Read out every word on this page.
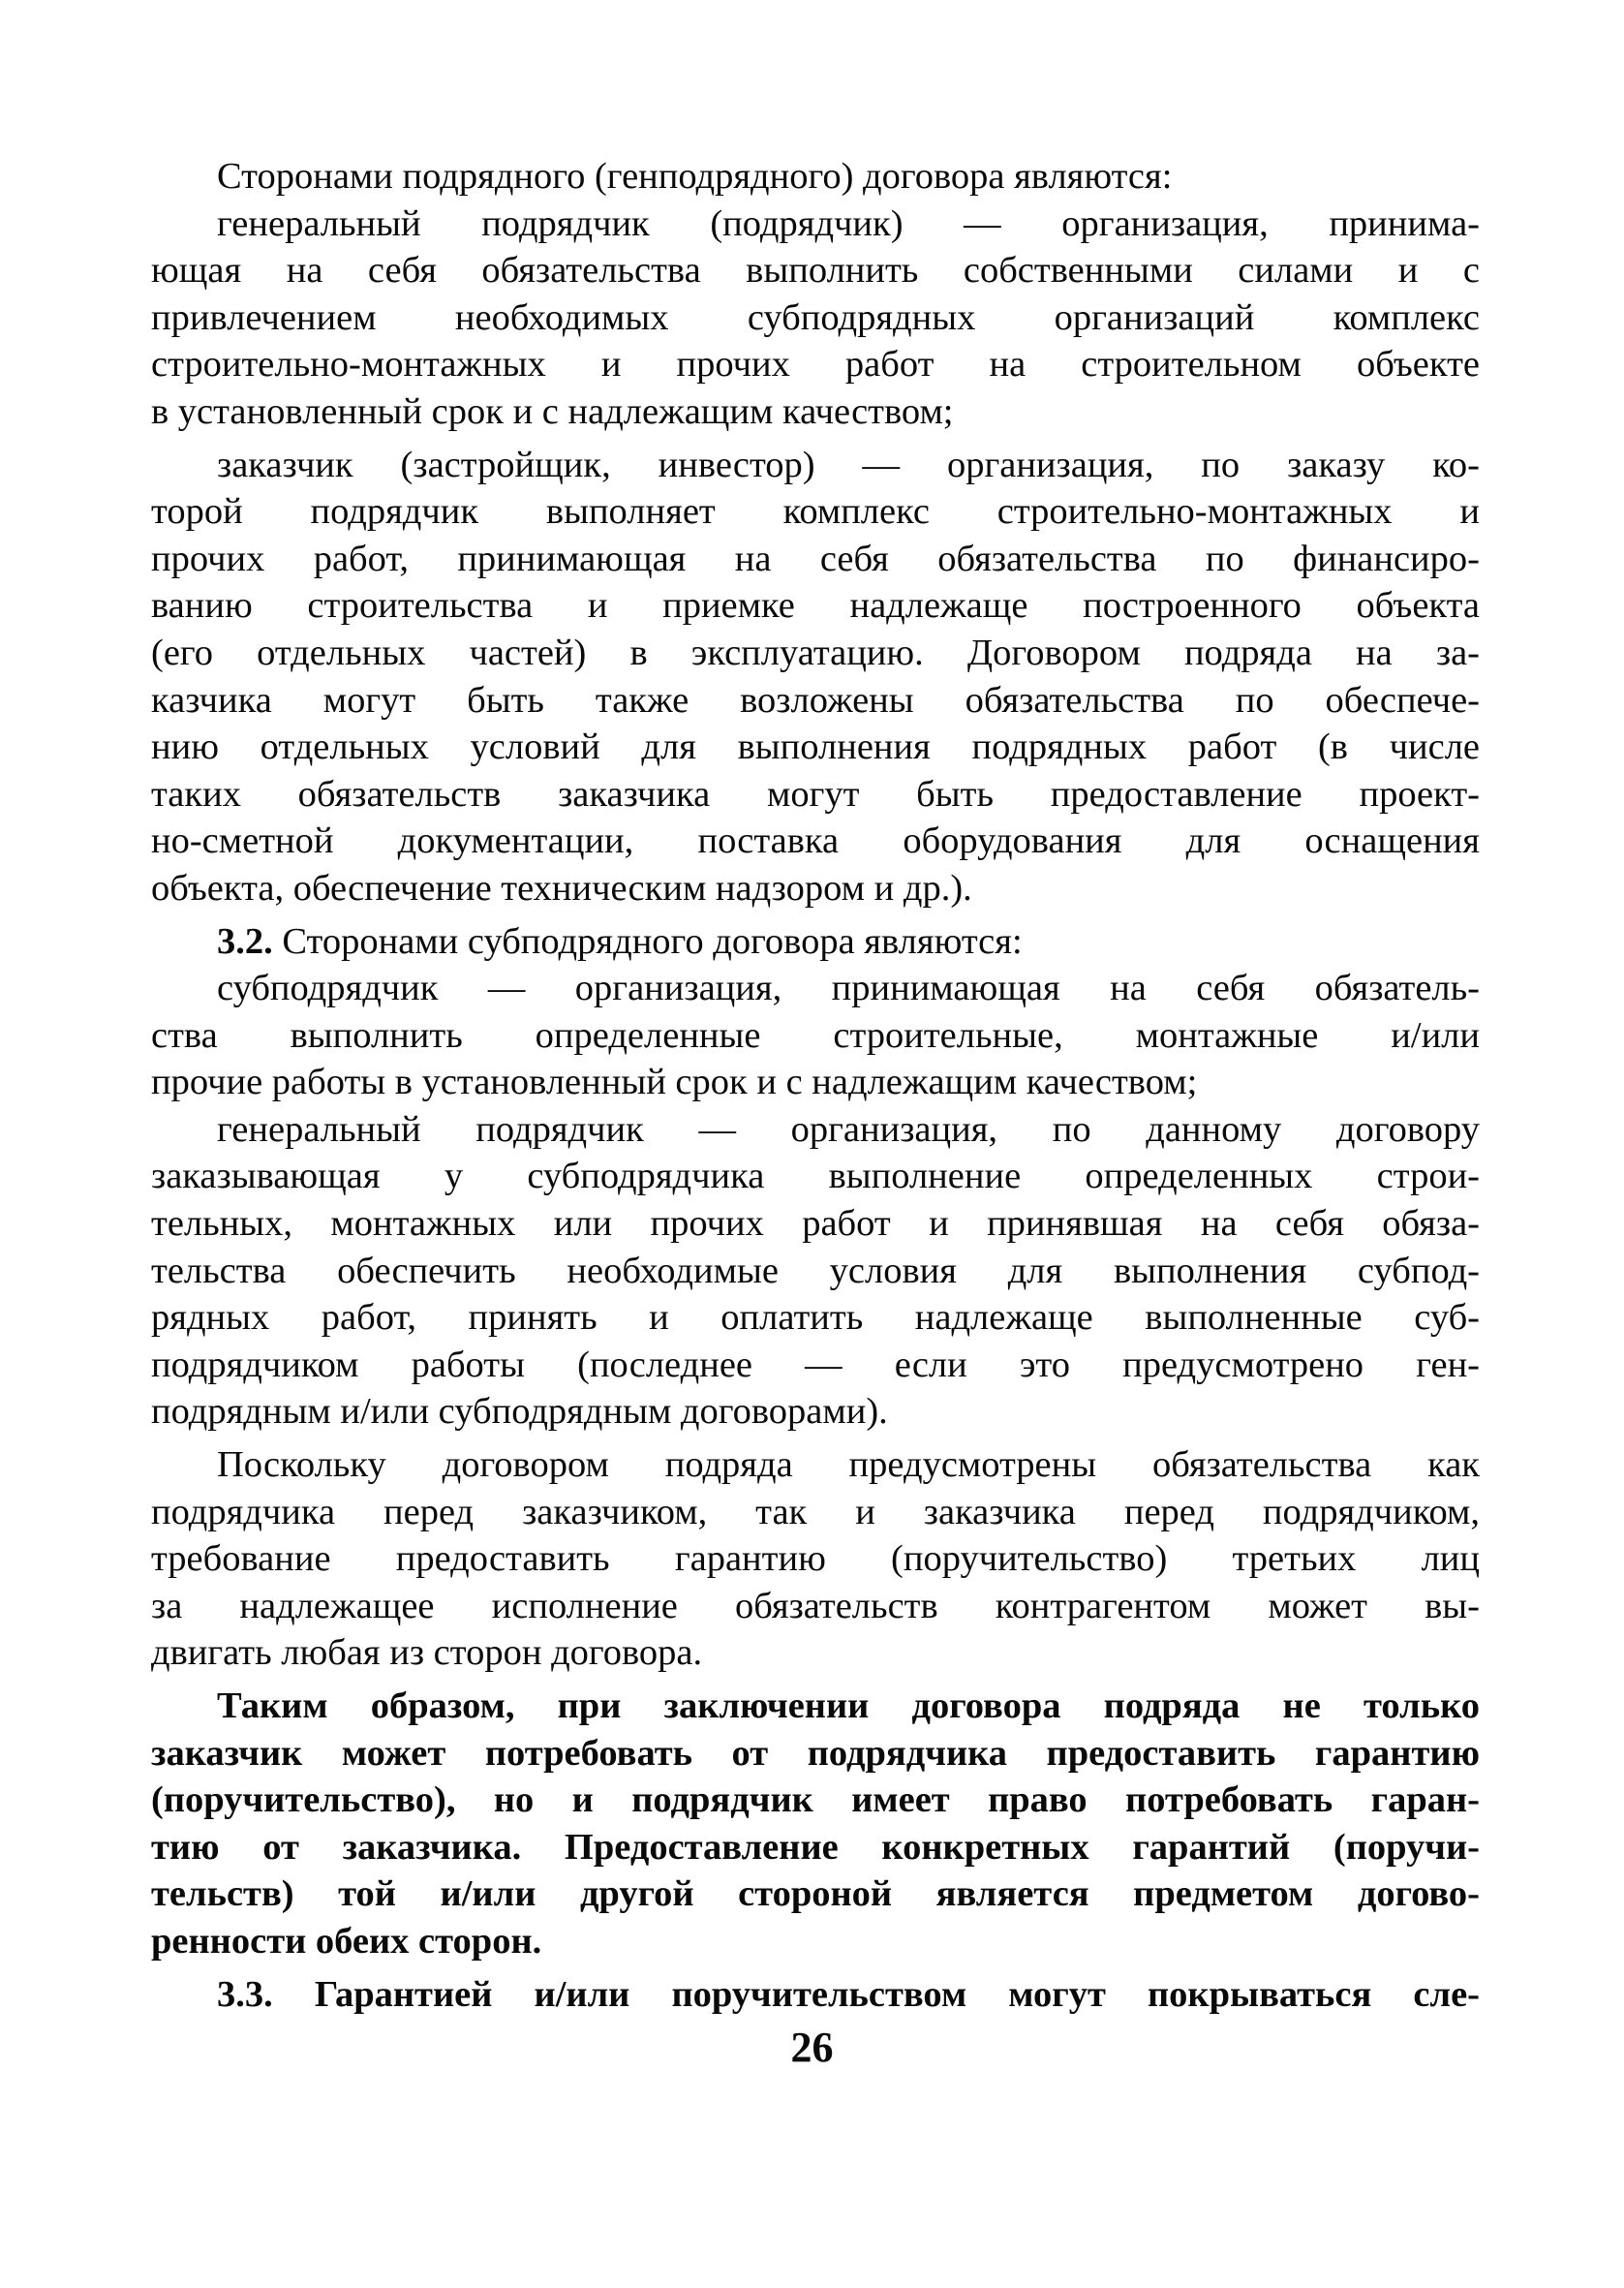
Сторонами подрядного (генподрядного) договора являются:

генеральный подрядчик (подрядчик) — организация, принима-
ющая на себя обязательства выполнить собственными силами и с
привлечением необходимых субподрядных организаций комплекс
строительно-монтажных и прочих работ на строительном объекте
в установленный срок и с надлежащим качеством;

заказчик (застройщик, инвестор) — организация, по заказу ко-
торой подрядчик выполняет комплекс строительно-монтажных и
прочих работ, принимающая на себя обязательства по финансиро-
ванию строительства и приемке надлежаще построенного объекта
(его отдельных частей) в эксплуатацию. Договором подряда на за-
казчика могут быть также возложены обязательства по обеспече-
нию отдельных условий для выполнения подрядных работ (в числе
таких обязательств заказчика могут быть предоставление проект-
но-сметной документации, поставка оборудования для оснащения
объекта, обеспечение техническим надзором и др.).

3.2. Сторонами субподрядного договора являются:

субподрядчик — организация, принимающая на себя обязатель-
ства выполнить определенные строительные, монтажные и/или
прочие работы в установленный срок и с надлежащим качеством;

генеральный подрядчик — организация, по данному договору
заказывающая у субподрядчика выполнение определенных строи-
тельных, монтажных или прочих работ и принявшая на себя обяза-
тельства обеспечить необходимые условия для выполнения субпод-
рядных работ, принять и оплатить надлежаще выполненные суб-
подрядчиком работы (последнее — если это предусмотрено ген-
подрядным и/или субподрядным договорами).

Поскольку договором подряда предусмотрены обязательства как
подрядчика перед заказчиком, так и заказчика перед подрядчиком,
требование предоставить гарантию (поручительство) третьих лиц
за надлежащее исполнение обязательств контрагентом может вы-
двигать любая из сторон договора.

Таким образом, при заключении договора подряда не только
заказчик может потребовать от подрядчика предоставить гарантию
(поручительство), но и подрядчик имеет право потребовать гаран-
тию от заказчика. Предоставление конкретных гарантий (поручи-
тельств) той и/или другой стороной является предметом догово-
ренности обеих сторон.

3.3. Гарантией и/или поручительством могут покрываться сле-

26
